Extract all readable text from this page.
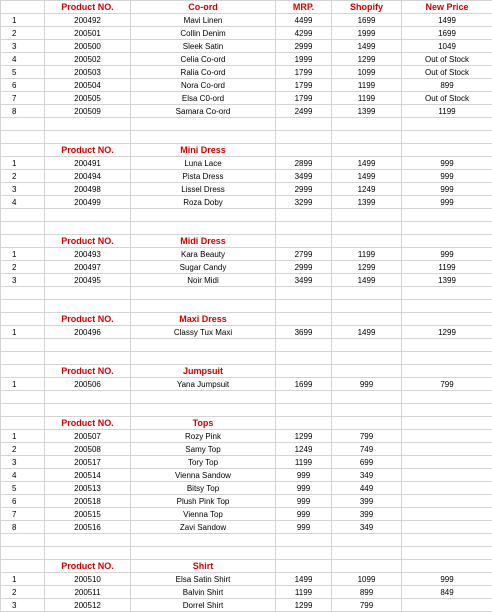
	Product NO.	Co-ord	MRP.	Shopify	New Price
1	200492	Mavi Linen	4499	1699	1499
2	200501	Collin Denim	4299	1999	1699
3	200500	Sleek Satin	2999	1499	1049
4	200502	Celia Co-ord	1999	1299	Out of Stock
5	200503	Ralia Co-ord	1799	1099	Out of Stock
6	200504	Nora Co-ord	1799	1199	899
7	200505	Elsa C0-ord	1799	1199	Out of Stock
8	200509	Samara Co-ord	2499	1399	1199

	Product NO.	Mini Dress			
1	200491	Luna Lace	2899	1499	999
2	200494	Pista Dress	3499	1499	999
3	200498	Lissel Dress	2999	1249	999
4	200499	Roza Doby	3299	1399	999

	Product NO.	Midi Dress			
1	200493	Kara Beauty	2799	1199	999
2	200497	Sugar Candy	2999	1299	1199
3	200495	Noir Midi	3499	1499	1399

	Product NO.	Maxi Dress			
1	200496	Classy Tux Maxi	3699	1499	1299

	Product NO.	Jumpsuit			
1	200506	Yana Jumpsuit	1699	999	799

	Product NO.	Tops			
1	200507	Rozy Pink	1299	799	
2	200508	Samy Top	1249	749	
3	200517	Tory Top	1199	699	
4	200514	Vienna Sandow	999	349	
5	200513	Bitsy Top	999	449	
6	200518	Plush Pink Top	999	399	
7	200515	Vienna Top	999	399	
8	200516	Zavi Sandow	999	349	

	Product NO.	Shirt			
1	200510	Elsa Satin Shirt	1499	1099	999
2	200511	Balvin Shirt	1199	899	849
3	200512	Dorrel Shirt	1299	799	
